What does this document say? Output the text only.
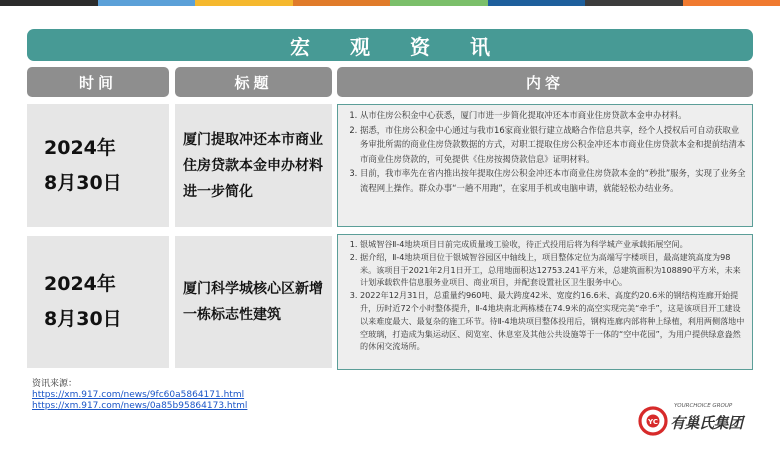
宏 观 资 讯
时间	标题	内容
2024年
8月30日
厦门提取冲还本市商业住房贷款本金申办材料进一步简化
1. 从市住房公积金中心获悉，厦门市进一步简化提取冲还本市商业住房贷款本金申办材料。
2. 据悉，市住房公积金中心通过与我市16家商业银行建立战略合作信息共享，经个人授权后可自动获取业务审批所需的商业住房贷款数据的方式，对职工提取住房公积金冲还本市商业住房贷款本金和提前结清本市商业住房贷款的，可免提供《住房按揭贷款信息》证明材料。
3. 目前，我市率先在省内推出按年提取住房公积金冲还本市商业住房贷款本金的“秒批”服务，实现了业务全流程网上操作。群众办事“一趟不用跑”，在家用手机或电脑申请，就能轻松办结业务。
2024年
8月30日
厦门科学城核心区新增一栋标志性建筑
1. 银城智谷Ⅱ-4地块项目日前完成质量竣工验收，待正式投用后将为科学城产业承载拓展空间。
2. 据介绍，Ⅱ-4地块项目位于银城智谷园区中轴线上，项目整体定位为高端写字楼项目，最高建筑高度为98米。该项目于2021年2月1日开工，总用地面积达12753.241平方米，总建筑面积为108890平方米，未来计划承载软件信息服务业项目、商业项目，并配套设置社区卫生服务中心。
3. 2022年12月31日，总重量约960吨、最大跨度42米、宽度约16.6米、高度约20.6米的钢结构连廊开始提升，历时近72个小时整体提升，Ⅱ-4地块南北两栋楼在74.9米的高空实现完美“牵手”，这是该项目开工建设以来难度最大、最复杂的施工环节。待Ⅱ-4地块项目整体投用后，钢构连廊内部将种上绿植，利用两侧落地中空玻璃，打造成为集运动区、阅览室、休息室及其他公共设施等于一体的“空中花园”，为用户提供绿意盎然的休闲交流场所。
资讯来源：
https://xm.917.com/news/9fc60a5864171.html
https://xm.917.com/news/0a85b95864173.html
YC
YOURCHOICE GROUP
有巢氏集团
